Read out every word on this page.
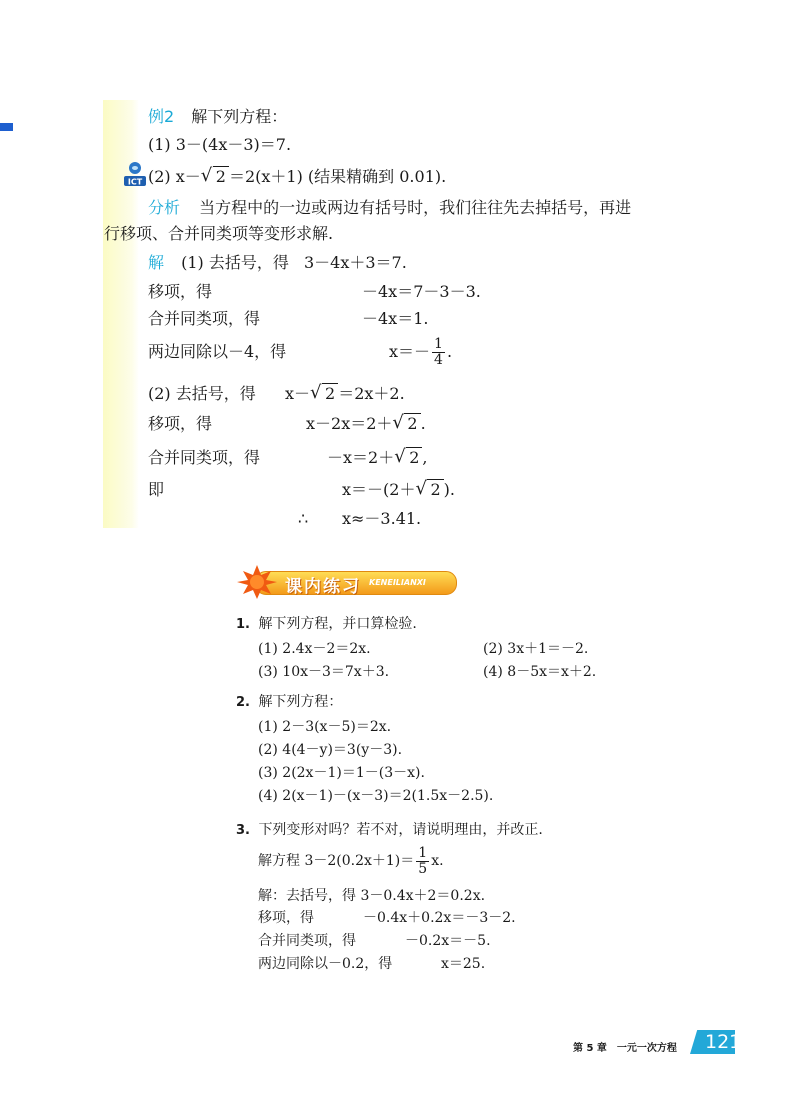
例2 解下列方程：
(1) 3－(4x－3)＝7.
ICT (2) x－ √ 2 ＝2(x＋1) (结果精确到 0.01).
分析 当方程中的一边或两边有括号时，我们往往先去掉括号，再进
行移项、合并同类项等变形求解.
解 (1) 去括号，得 3－4x＋3＝7.
移项，得	－4x＝7－3－3.
合并同类项，得	－4x＝1.
两边同除以－4，得	$x=- \frac{1}{4}$ .
(2) 去括号，得 x－ √ 2 ＝2x＋2.
移项，得	x－2x＝2＋ √ 2 .
合并同类项，得	－x＝2＋ √ 2 ,
即	x＝－(2＋ √ 2 ).
∴ x≈－3.41.
课内练习 KENEILIANXI
1. 解下列方程，并口算检验.
(1) 2.4x－2＝2x.	(2) 3x＋1＝－2.
(3) 10x－3＝7x＋3.	(4) 8－5x＝x＋2.
2. 解下列方程：
(1) 2－3(x－5)＝2x.
(2) 4(4－y)＝3(y－3).
(3) 2(2x－1)＝1－(3－x).
(4) 2(x－1)－(x－3)＝2(1.5x－2.5).
3. 下列变形对吗？若不对，请说明理由，并改正.
解方程 $3-2(0.2x+1)= \frac{1}{5} x$.
解：去括号，得 3－0.4x＋2＝0.2x.
移项，得	－0.4x＋0.2x＝－3－2.
合并同类项，得	－0.2x＝－5.
两边同除以－0.2，得	x＝25.
第 5 章　一元一次方程 121
